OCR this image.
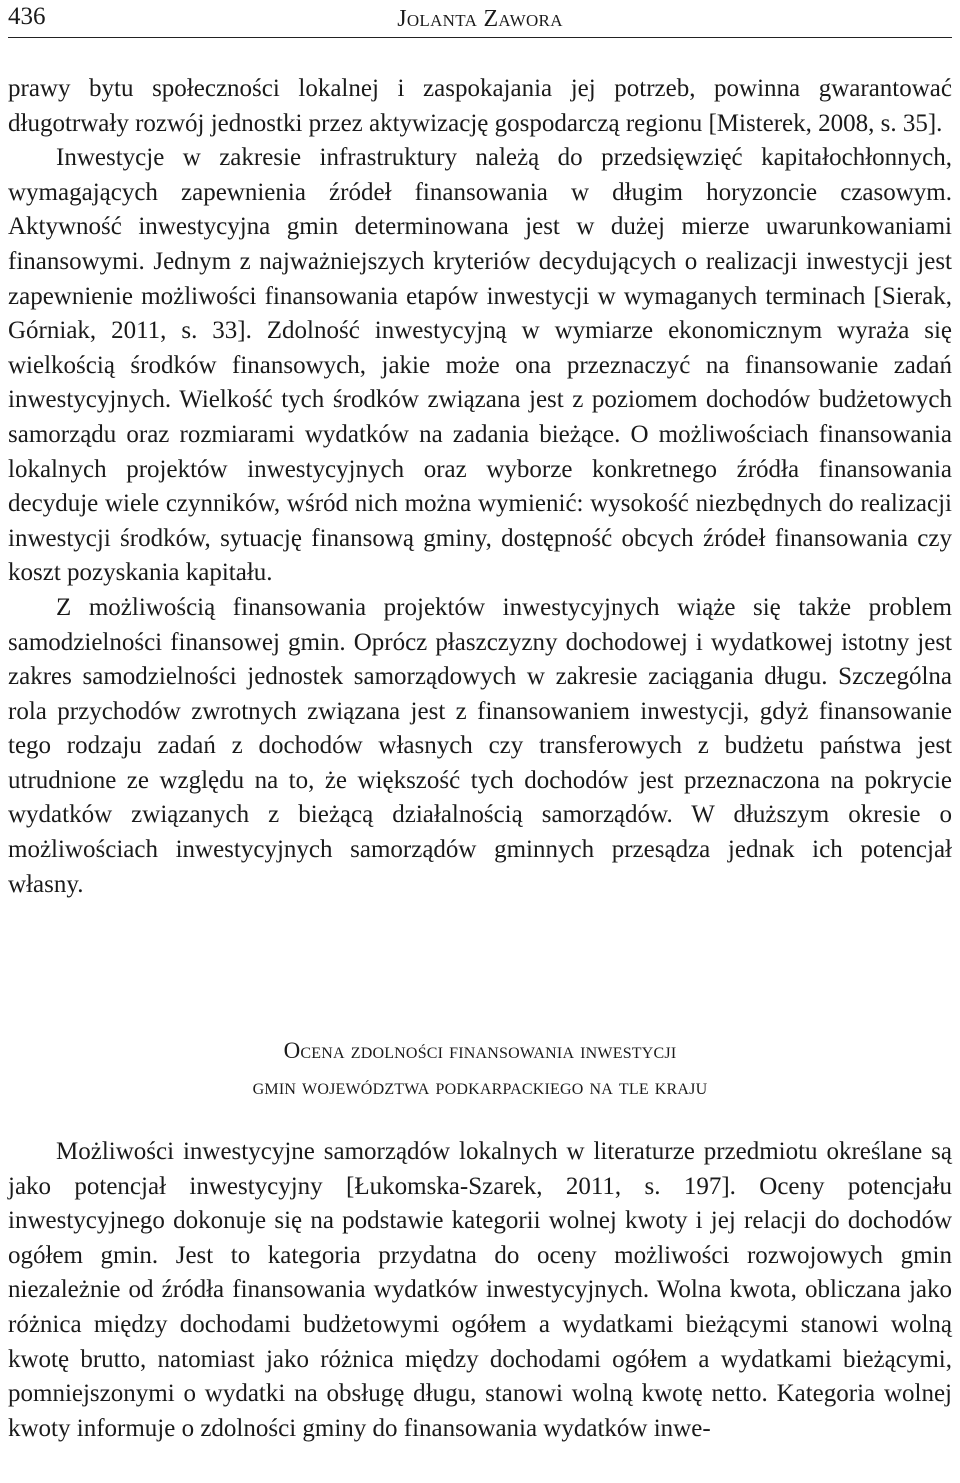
436	Jolanta Zawora

prawy bytu społeczności lokalnej i zaspokajania jej potrzeb, powinna gwarantować długotrwały rozwój jednostki przez aktywizację gospodarczą regionu [Misterek, 2008, s. 35].

Inwestycje w zakresie infrastruktury należą do przedsięwzięć kapitałochłonnych, wymagających zapewnienia źródeł finansowania w długim horyzoncie czasowym. Aktywność inwestycyjna gmin determinowana jest w dużej mierze uwarunkowaniami finansowymi. Jednym z najważniejszych kryteriów decydujących o realizacji inwestycji jest zapewnienie możliwości finansowania etapów inwestycji w wymaganych terminach [Sierak, Górniak, 2011, s. 33]. Zdolność inwestycyjną w wymiarze ekonomicznym wyraża się wielkością środków finansowych, jakie może ona przeznaczyć na finansowanie zadań inwestycyjnych. Wielkość tych środków związana jest z poziomem dochodów budżetowych samorządu oraz rozmiarami wydatków na zadania bieżące. O możliwościach finansowania lokalnych projektów inwestycyjnych oraz wyborze konkretnego źródła finansowania decyduje wiele czynników, wśród nich można wymienić: wysokość niezbędnych do realizacji inwestycji środków, sytuację finansową gminy, dostępność obcych źródeł finansowania czy koszt pozyskania kapitału.

Z możliwością finansowania projektów inwestycyjnych wiąże się także problem samodzielności finansowej gmin. Oprócz płaszczyzny dochodowej i wydatkowej istotny jest zakres samodzielności jednostek samorządowych w zakresie zaciągania długu. Szczególna rola przychodów zwrotnych związana jest z finansowaniem inwestycji, gdyż finansowanie tego rodzaju zadań z dochodów własnych czy transferowych z budżetu państwa jest utrudnione ze względu na to, że większość tych dochodów jest przeznaczona na pokrycie wydatków związanych z bieżącą działalnością samorządów. W dłuższym okresie o możliwościach inwestycyjnych samorządów gminnych przesądza jednak ich potencjał własny.

Ocena zdolności finansowania inwestycji
gmin województwa podkarpackiego na tle kraju

Możliwości inwestycyjne samorządów lokalnych w literaturze przedmiotu określane są jako potencjał inwestycyjny [Łukomska-Szarek, 2011, s. 197]. Oceny potencjału inwestycyjnego dokonuje się na podstawie kategorii wolnej kwoty i jej relacji do dochodów ogółem gmin. Jest to kategoria przydatna do oceny możliwości rozwojowych gmin niezależnie od źródła finansowania wydatków inwestycyjnych. Wolna kwota, obliczana jako różnica między dochodami budżetowymi ogółem a wydatkami bieżącymi stanowi wolną kwotę brutto, natomiast jako różnica między dochodami ogółem a wydatkami bieżącymi, pomniejszonymi o wydatki na obsługę długu, stanowi wolną kwotę netto. Kategoria wolnej kwoty informuje o zdolności gminy do finansowania wydatków inwe-
